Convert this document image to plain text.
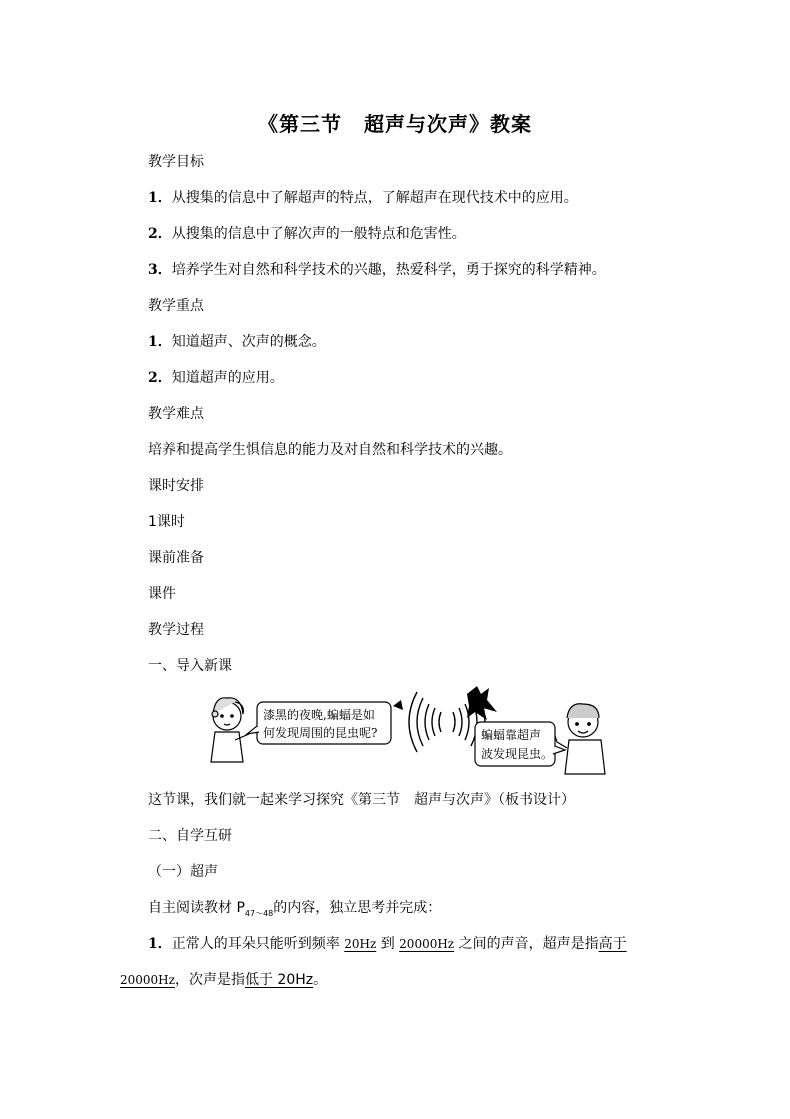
《第三节 超声与次声》教案
教学目标
1．从搜集的信息中了解超声的特点，了解超声在现代技术中的应用。
2．从搜集的信息中了解次声的一般特点和危害性。
3．培养学生对自然和科学技术的兴趣，热爱科学，勇于探究的科学精神。
教学重点
1．知道超声、次声的概念。
2．知道超声的应用。
教学难点
培养和提高学生惧信息的能力及对自然和科学技术的兴趣。
课时安排
1课时
课前准备
课件
教学过程
一、导入新课
漆黑的夜晚,蝙蝠是如
何发现周围的昆虫呢?	蝙蝠靠超声
波发现昆虫。
这节课，我们就一起来学习探究《第三节　超声与次声》（板书设计）
二、自学互研
（一）超声
自主阅读教材 $P_{47\sim 48}$的内容，独立思考并完成：
1．正常人的耳朵只能听到频率 20Hz 到 20000Hz 之间的声音，超声是指高于
20000Hz，次声是指低于 20Hz。
